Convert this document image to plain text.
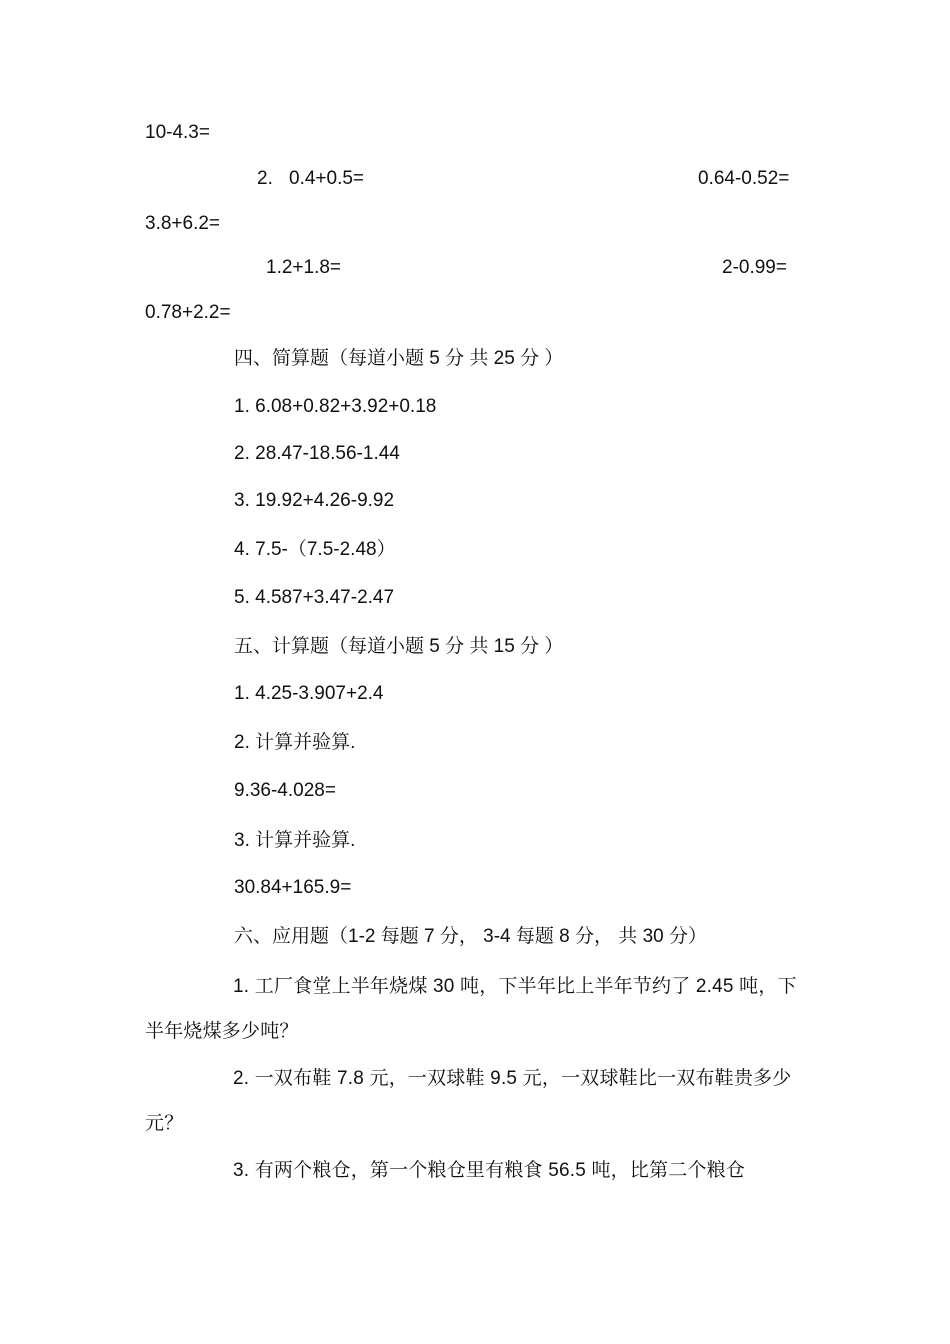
10-4.3=
2. 0.4+0.5=	0.64-0.52=
3.8+6.2=
1.2+1.8=	2-0.99=
0.78+2.2=
四、简算题（每道小题 5 分 共 25 分 ）
1. 6.08+0.82+3.92+0.18
2. 28.47-18.56-1.44
3. 19.92+4.26-9.92
4. 7.5-（7.5-2.48）
5. 4.587+3.47-2.47
五、计算题（每道小题 5 分 共 15 分 ）
1. 4.25-3.907+2.4
2. 计算并验算.
9.36-4.028=
3. 计算并验算.
30.84+165.9=
六、应用题（1-2 每题 7 分， 3-4 每题 8 分， 共 30 分）
1. 工厂食堂上半年烧煤 30 吨，下半年比上半年节约了 2.45 吨，下半年烧煤多少吨？
2. 一双布鞋 7.8 元，一双球鞋 9.5 元，一双球鞋比一双布鞋贵多少元？
3. 有两个粮仓，第一个粮仓里有粮食 56.5 吨，比第二个粮仓
